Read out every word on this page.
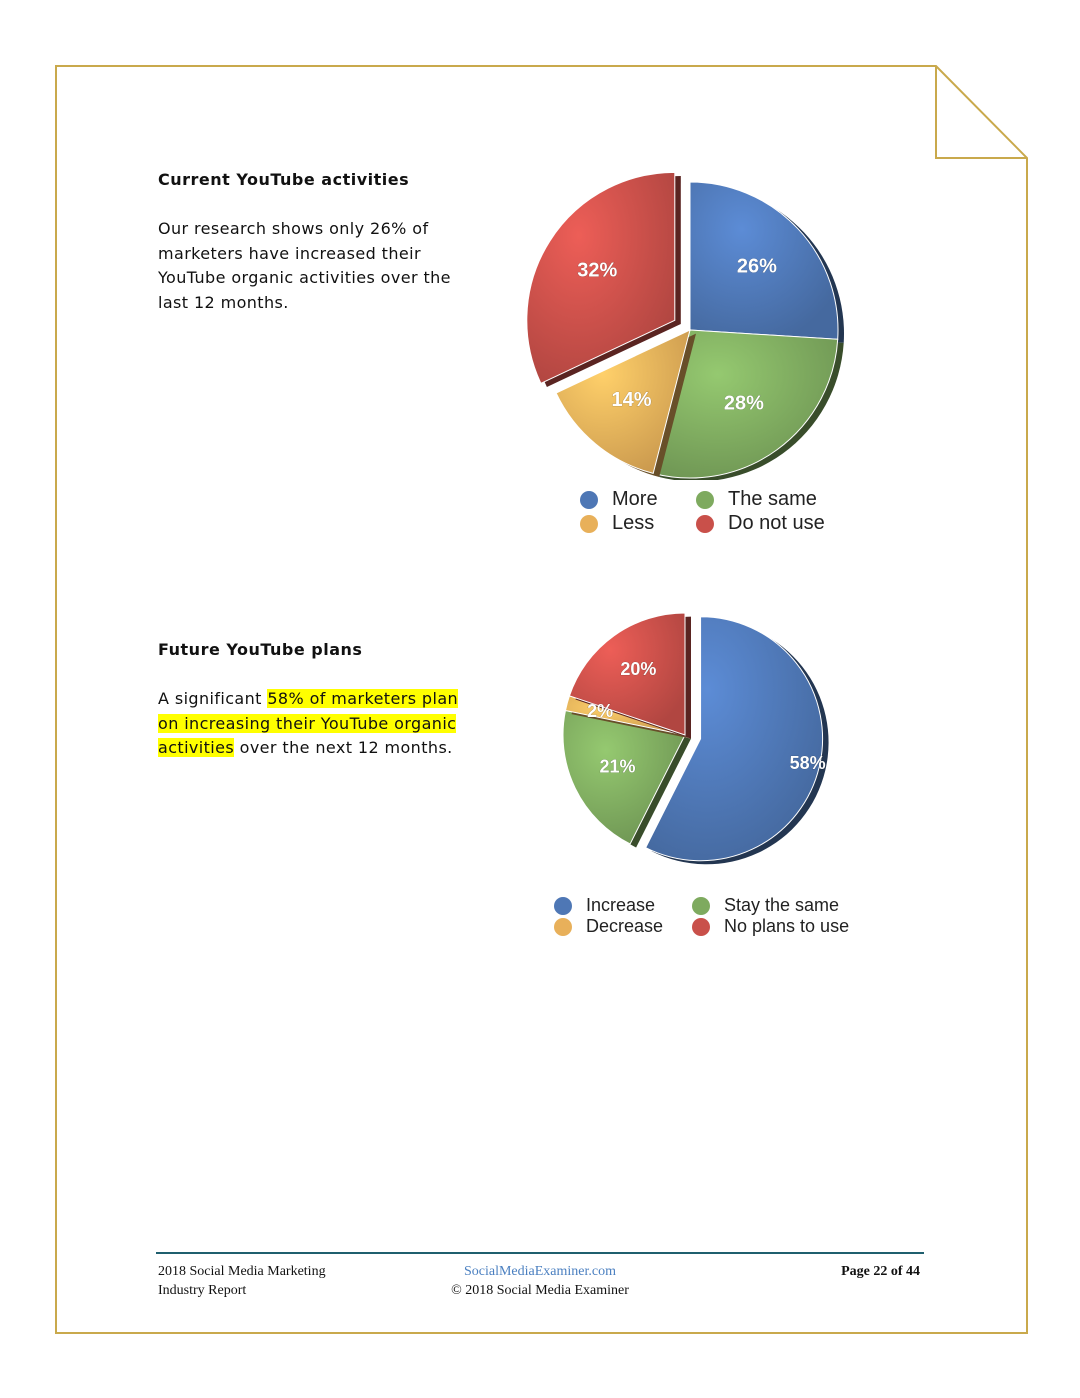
Current YouTube activities

Our research shows only 26% of marketers have increased their YouTube organic activities over the last 12 months.

26%
28%
14%
32%
More	The same
Less	Do not use
Future YouTube plans

A significant 58% of marketers plan on increasing their YouTube organic activities over the next 12 months.

58%
21%
2%
20%
Increase	Stay the same
Decrease	No plans to use
2018 Social Media Marketing
Industry Report
SocialMediaExaminer.com
© 2018 Social Media Examiner
Page 22 of 44
